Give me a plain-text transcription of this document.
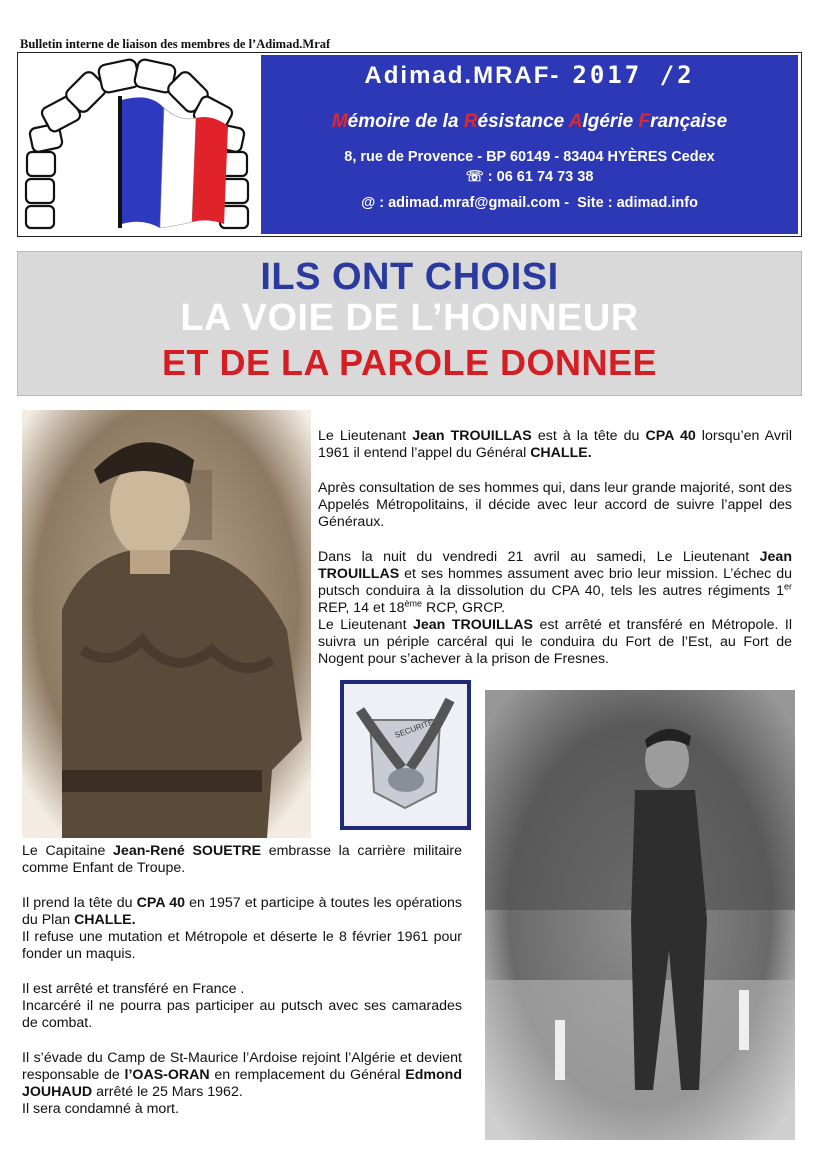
Bulletin interne de liaison des membres de l’Adimad.Mraf
Adimad.MRAF- 2017 /2
Mémoire de la Résistance Algérie Française
8, rue de Provence - BP 60149 - 83404 HYÈRES Cedex
☏ : 06 61 74 73 38
@ : adimad.mraf@gmail.com - Site : adimad.info
ILS ONT CHOISI
LA VOIE DE L’HONNEUR
ET DE LA PAROLE DONNEE
SECURITE

Le Lieutenant Jean TROUILLAS est à la tête du CPA 40 lorsqu’en Avril 1961 il entend l’appel du Général CHALLE.

Après consultation de ses hommes qui, dans leur grande majorité, sont des Appelés Métropolitains, il décide avec leur accord de suivre l’appel des Généraux.

Dans la nuit du vendredi 21 avril au samedi, Le Lieutenant Jean TROUILLAS et ses hommes assument avec brio leur mission. L’échec du putsch conduira à la dissolution du CPA 40, tels les autres régiments 1er REP, 14 et 18ème RCP, GRCP.

Le Lieutenant Jean TROUILLAS est arrêté et transféré en Métropole. Il suivra un périple carcéral qui le conduira du Fort de l’Est, au Fort de Nogent pour s’achever à la prison de Fresnes.

Le Capitaine Jean-René SOUETRE embrasse la carrière militaire comme Enfant de Troupe.

Il prend la tête du CPA 40 en 1957 et participe à toutes les opérations du Plan CHALLE.

Il refuse une mutation et Métropole et déserte le 8 février 1961 pour fonder un maquis.

Il est arrêté et transféré en France .

Incarcéré il ne pourra pas participer au putsch avec ses camarades de combat.

Il s’évade du Camp de St-Maurice l’Ardoise rejoint l’Algérie et devient responsable de l’OAS-ORAN en remplacement du Général Edmond JOUHAUD arrêté le 25 Mars 1962.

Il sera condamné à mort.
